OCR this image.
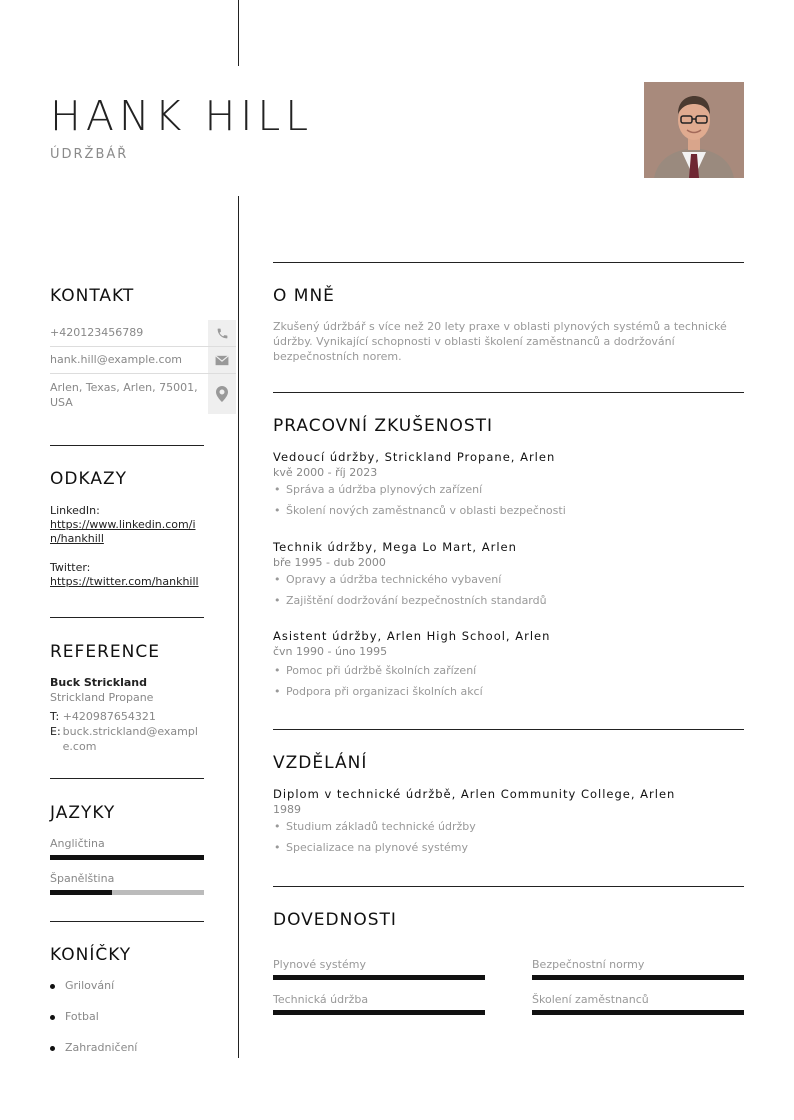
HANK HILL
ÚDRŽBÁŘ
KONTAKT
+420123456789
hank.hill@example.com
Arlen, Texas, Arlen, 75001, USA
ODKAZY
LinkedIn:
https://www.linkedin.com/in/hankhill
Twitter:
https://twitter.com/hankhill
REFERENCE
Buck Strickland
Strickland Propane
T: +420987654321
E: buck.strickland@example.com
JAZYKY
Angličtina
Španělština
KONÍČKY
Grilování
Fotbal
Zahradničení
O MNĚ
Zkušený údržbář s více než 20 lety praxe v oblasti plynových systémů a technické údržby. Vynikající schopnosti v oblasti školení zaměstnanců a dodržování bezpečnostních norem.
PRACOVNÍ ZKUŠENOSTI
Vedoucí údržby, Strickland Propane, Arlen
kvě 2000 - říj 2023
• Správa a údržba plynových zařízení
• Školení nových zaměstnanců v oblasti bezpečnosti
Technik údržby, Mega Lo Mart, Arlen
bře 1995 - dub 2000
• Opravy a údržba technického vybavení
• Zajištění dodržování bezpečnostních standardů
Asistent údržby, Arlen High School, Arlen
čvn 1990 - úno 1995
• Pomoc při údržbě školních zařízení
• Podpora při organizaci školních akcí
VZDĚLÁNÍ
Diplom v technické údržbě, Arlen Community College, Arlen
1989
• Studium základů technické údržby
• Specializace na plynové systémy
DOVEDNOSTI
Plynové systémy	Bezpečnostní normy
Technická údržba	Školení zaměstnanců
